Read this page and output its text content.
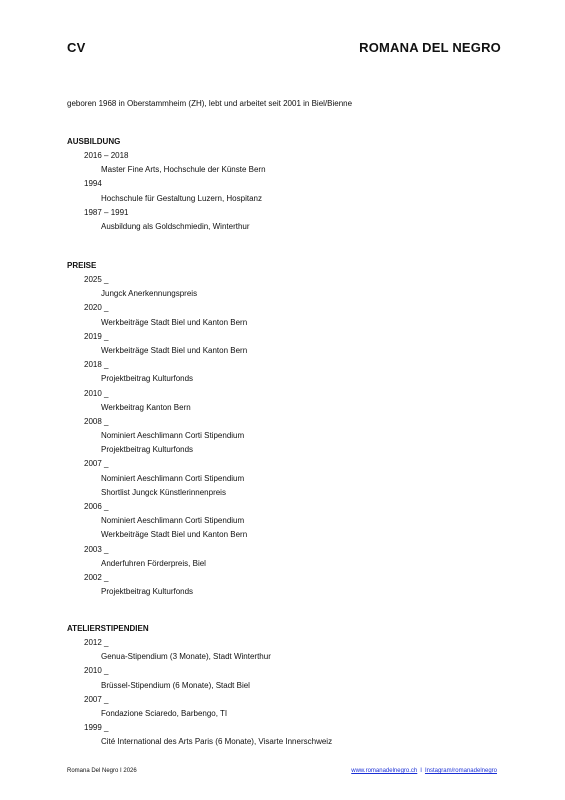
CV	ROMANA DEL NEGRO
geboren 1968 in Oberstammheim (ZH), lebt und arbeitet seit 2001 in Biel/Bienne
AUSBILDUNG
2016 – 2018
Master Fine Arts, Hochschule der Künste Bern
1994
Hochschule für Gestaltung Luzern, Hospitanz
1987 – 1991
Ausbildung als Goldschmiedin, Winterthur
PREISE
2025 _
Jungck Anerkennungspreis
2020 _
Werkbeiträge Stadt Biel und Kanton Bern
2019 _
Werkbeiträge Stadt Biel und Kanton Bern
2018 _
Projektbeitrag Kulturfonds
2010 _
Werkbeitrag Kanton Bern
2008 _
Nominiert Aeschlimann Corti Stipendium
Projektbeitrag Kulturfonds
2007 _
Nominiert Aeschlimann Corti Stipendium
Shortlist Jungck Künstlerinnenpreis
2006 _
Nominiert Aeschlimann Corti Stipendium
Werkbeiträge Stadt Biel und Kanton Bern
2003 _
Anderfuhren Förderpreis, Biel
2002 _
Projektbeitrag Kulturfonds
ATELIERSTIPENDIEN
2012 _
Genua-Stipendium (3 Monate), Stadt Winterthur
2010 _
Brüssel-Stipendium (6 Monate), Stadt Biel
2007 _
Fondazione Sciaredo, Barbengo, TI
1999 _
Cité International des Arts Paris (6 Monate), Visarte Innerschweiz
Romana Del Negro I 2026	www.romanadelnegro.ch I Instagram/romanadelnegro
